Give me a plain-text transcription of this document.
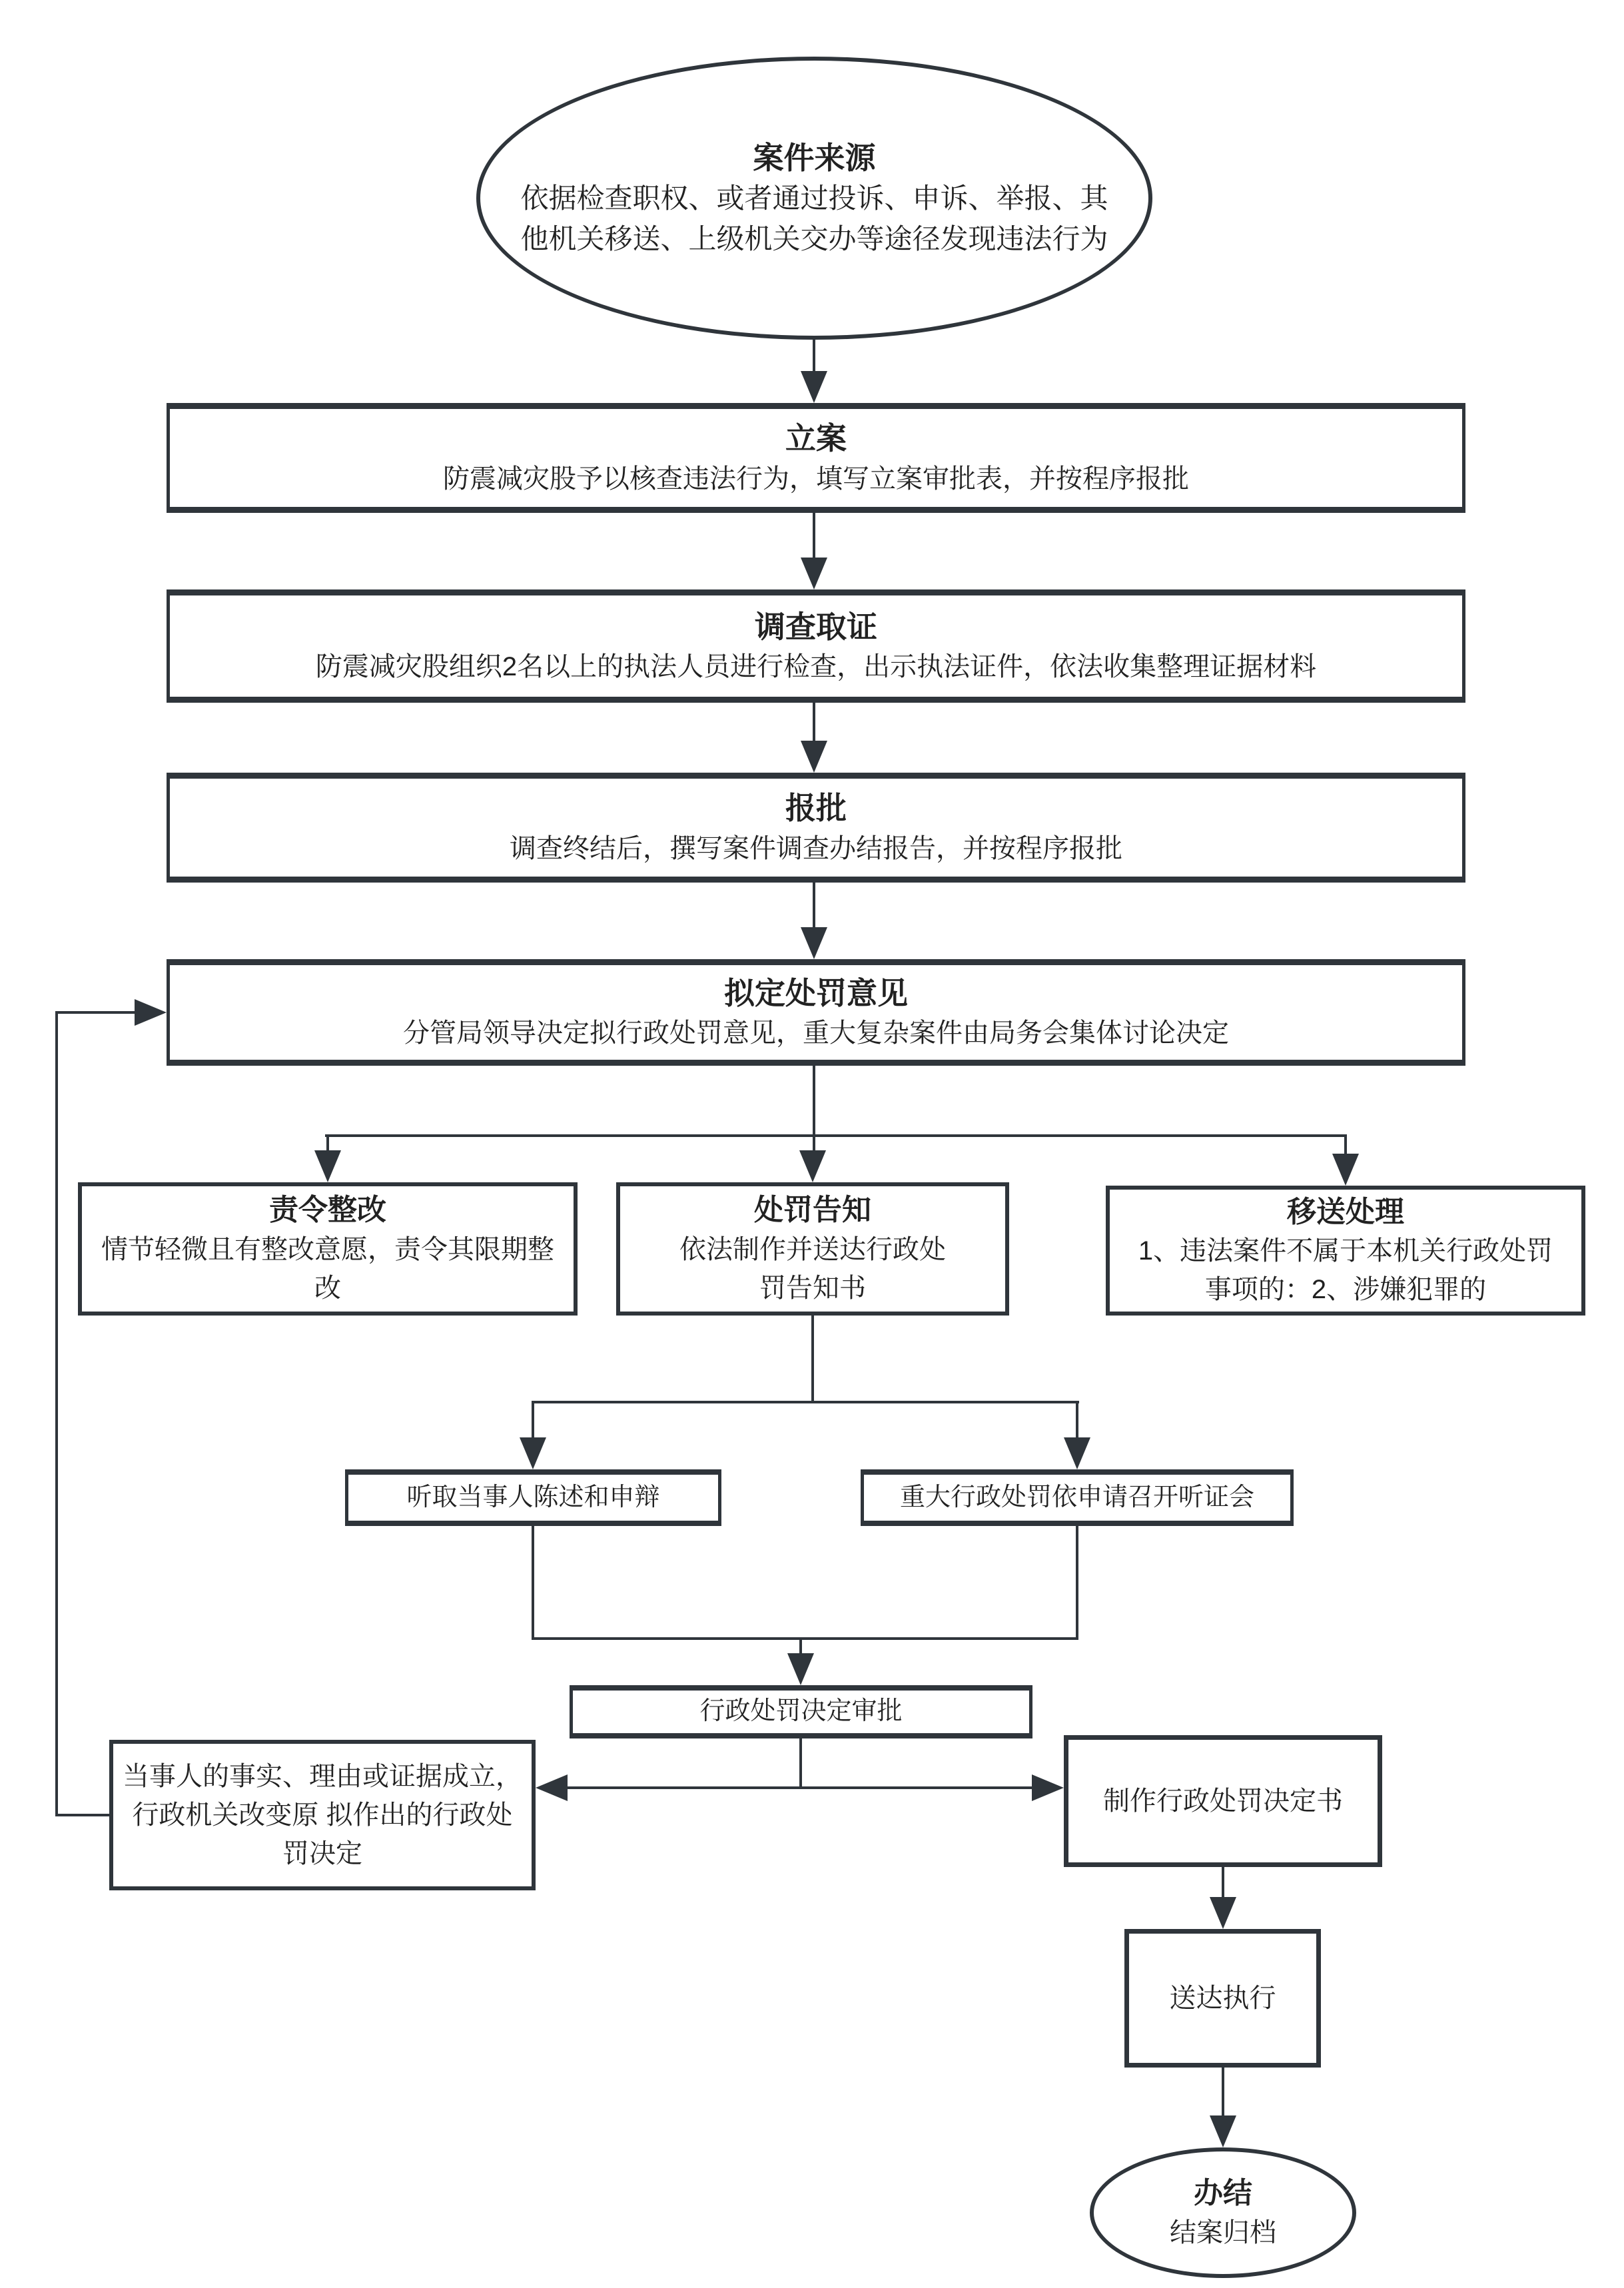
案件来源
依据检查职权、或者通过投诉、申诉、举报、其他机关移送、上级机关交办等途径发现违法行为
立案
防震减灾股予以核查违法行为，填写立案审批表，并按程序报批
调查取证
防震减灾股组织2名以上的执法人员进行检查，出示执法证件，依法收集整理证据材料
报批
调查终结后，撰写案件调查办结报告，并按程序报批
拟定处罚意见
分管局领导决定拟行政处罚意见，重大复杂案件由局务会集体讨论决定
责令整改
情节轻微且有整改意愿，责令其限期整改
处罚告知
依法制作并送达行政处罚告知书
移送处理
1、违法案件不属于本机关行政处罚事项的：2、涉嫌犯罪的
听取当事人陈述和申辩	重大行政处罚依申请召开听证会
行政处罚决定审批
当事人的事实、理由或证据成立，行政机关改变原 拟作出的行政处罚决定
制作行政处罚决定书
送达执行
办结
结案归档
